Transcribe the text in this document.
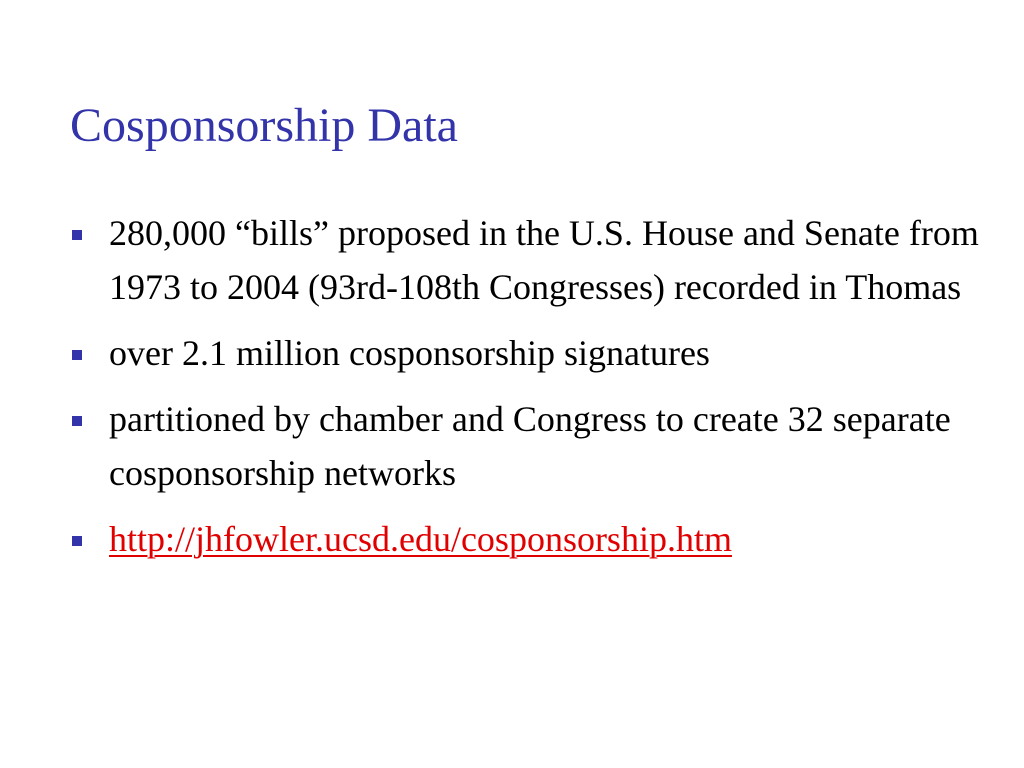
Cosponsorship Data
280,000 “bills” proposed in the U.S. House and Senate from 1973 to 2004 (93rd-108th Congresses) recorded in Thomas
over 2.1 million cosponsorship signatures
partitioned by chamber and Congress to create 32 separate cosponsorship networks
http://jhfowler.ucsd.edu/cosponsorship.htm
